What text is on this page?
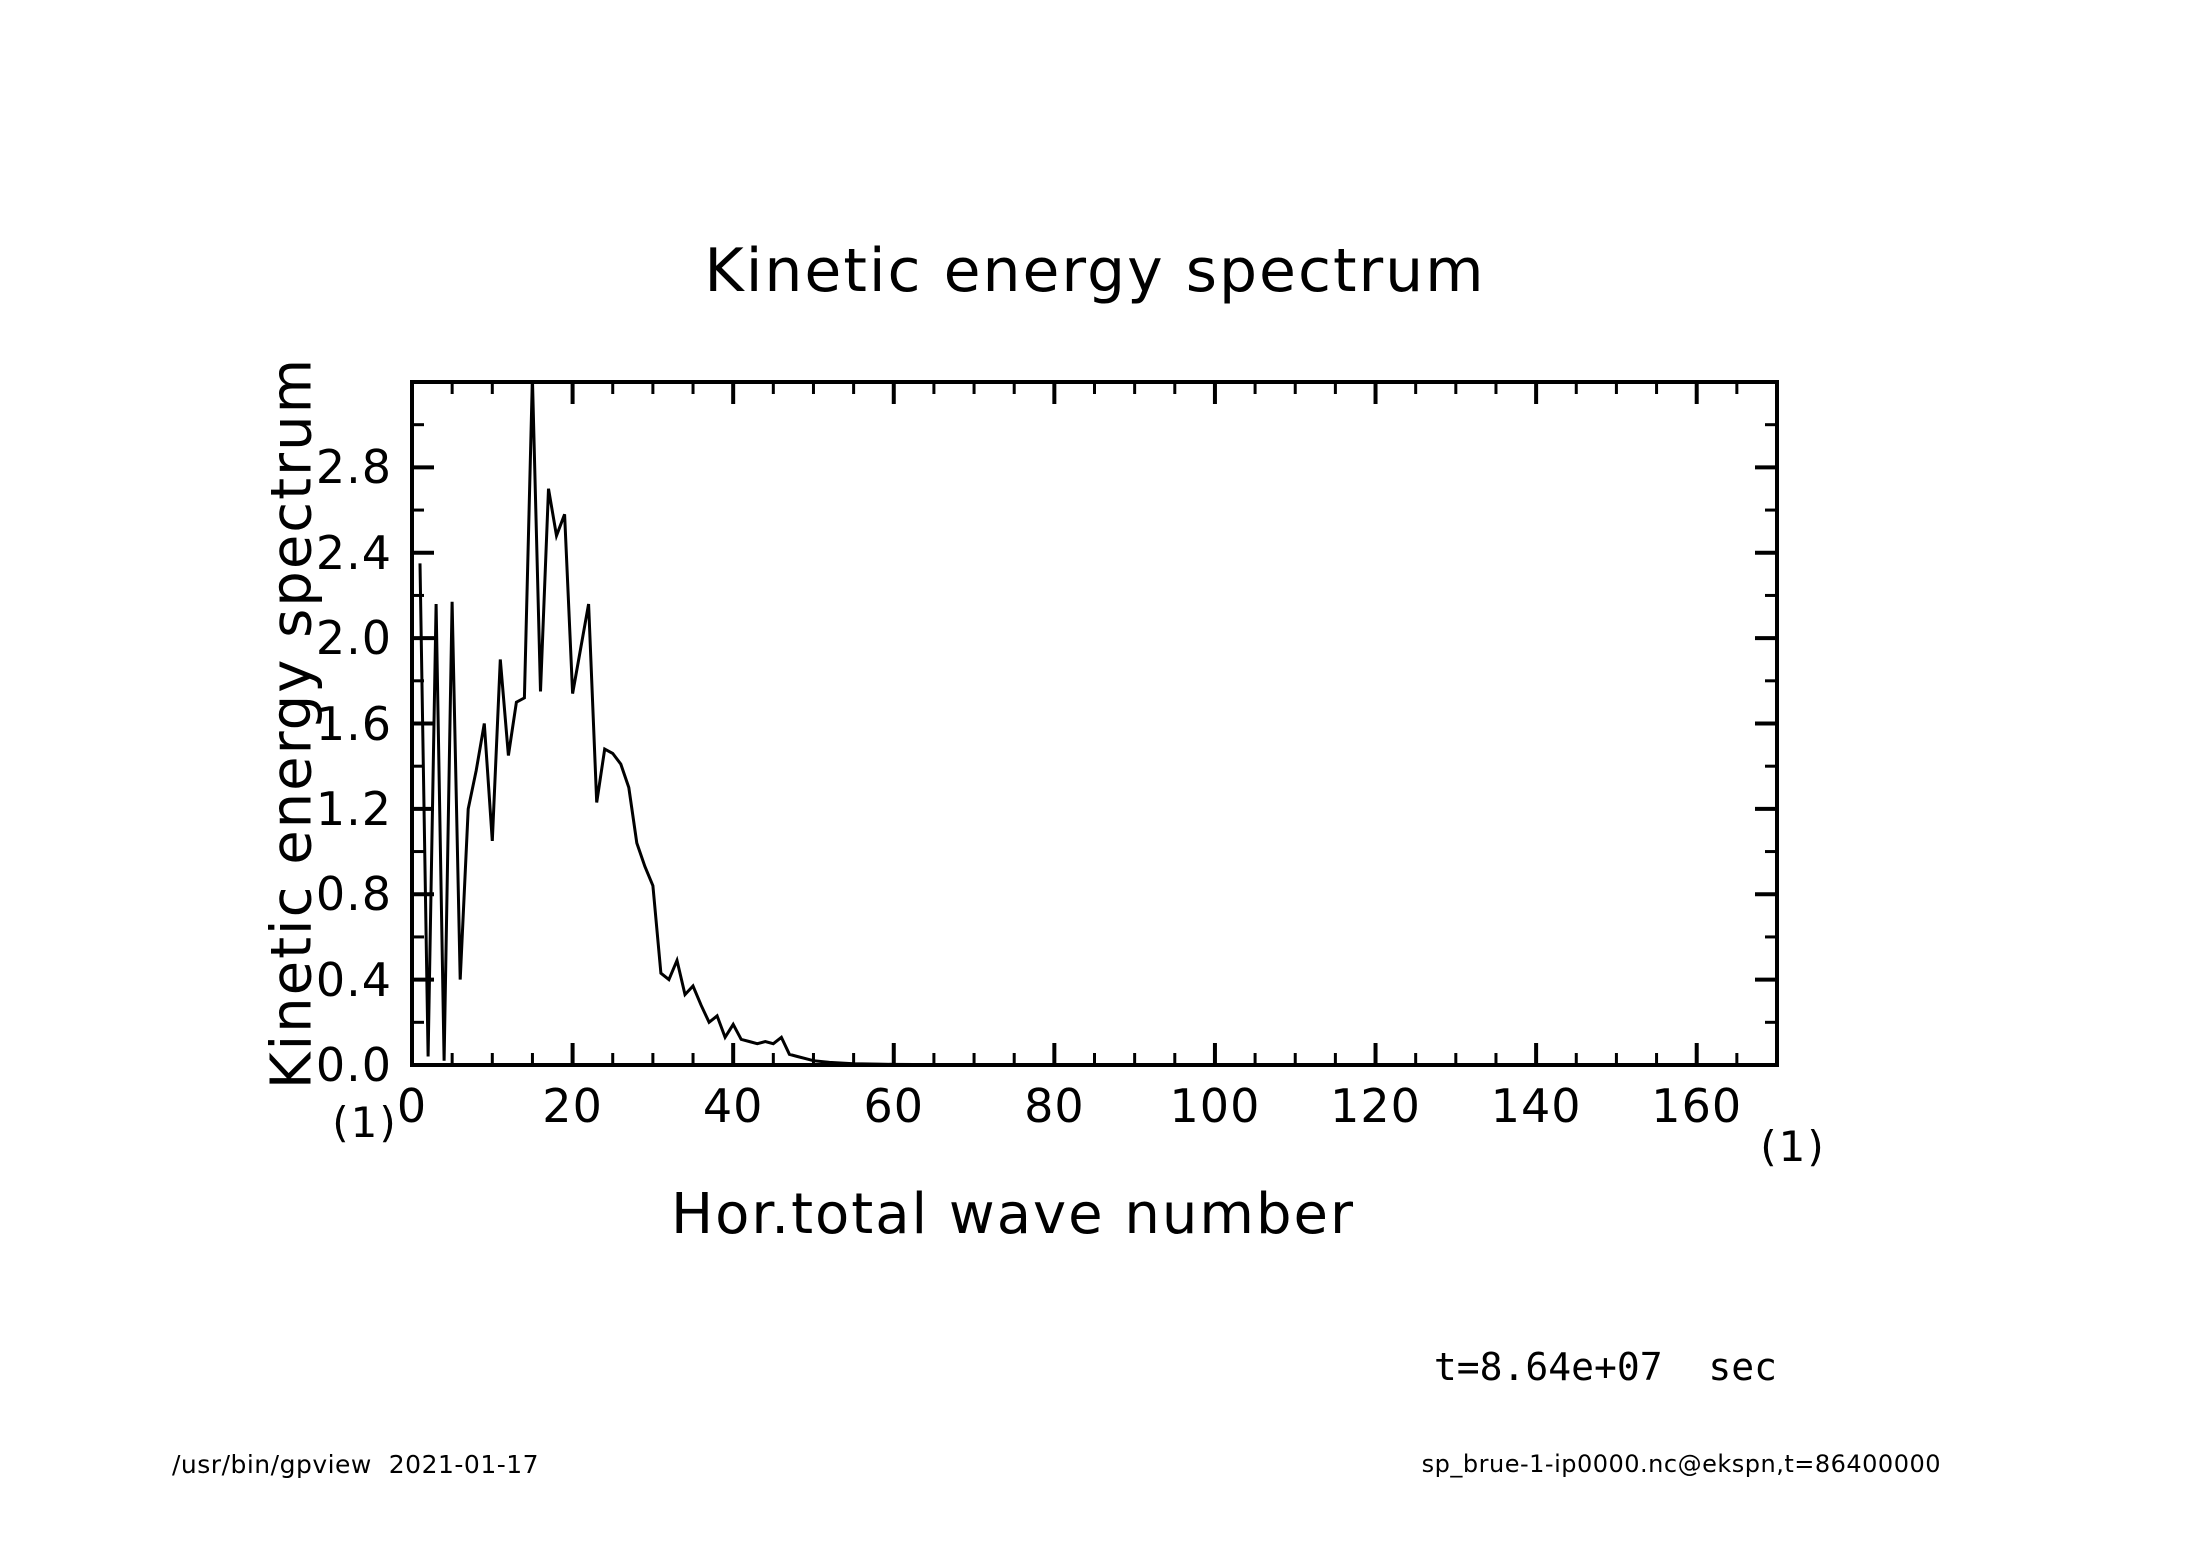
Kinetic energy spectrum
Kinetic energy spectrum
Hor.total wave number
(1)	(1)
t=8.64e+07  sec
/usr/bin/gpview  2021-01-17	sp_brue-1-ip0000.nc@ekspn,t=86400000
0.0
0.4
0.8
1.2
1.6
2.0
2.4
2.8
0	20 40 60 80 100 120 140 160
